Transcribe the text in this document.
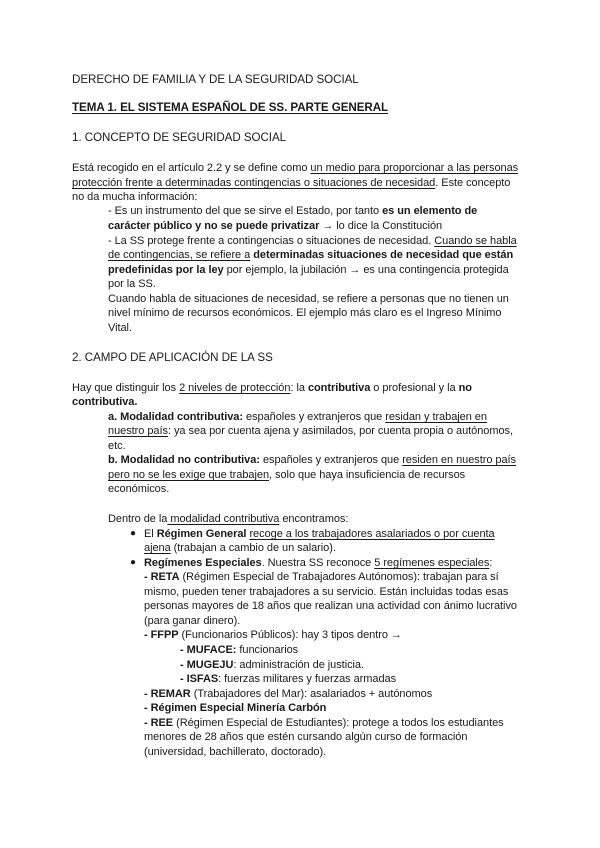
DERECHO DE FAMILIA Y DE LA SEGURIDAD SOCIAL
TEMA 1. EL SISTEMA ESPAÑOL DE SS. PARTE GENERAL
1. CONCEPTO DE SEGURIDAD SOCIAL
Está recogido en el artículo 2.2 y se define como un medio para proporcionar a las personas
protección frente a determinadas contingencias o situaciones de necesidad. Este concepto
no da mucha información:
- Es un instrumento del que se sirve el Estado, por tanto es un elemento de
carácter público y no se puede privatizar → lo dice la Constitución
- La SS protege frente a contingencias o situaciones de necesidad. Cuando se habla
de contingencias, se refiere a determinadas situaciones de necesidad que están
predefinidas por la ley por ejemplo, la jubilación → es una contingencia protegida
por la SS.
Cuando habla de situaciones de necesidad, se refiere a personas que no tienen un
nivel mínimo de recursos económicos. El ejemplo más claro es el Ingreso Mínimo
Vital.
2. CAMPO DE APLICACIÓN DE LA SS
Hay que distinguir los 2 niveles de protección: la contributiva o profesional y la no
contributiva.
a. Modalidad contributiva: españoles y extranjeros que residan y trabajen en
nuestro país: ya sea por cuenta ajena y asimilados, por cuenta propia o autónomos,
etc.
b. Modalidad no contributiva: españoles y extranjeros que residen en nuestro país
pero no se les exige que trabajen, solo que haya insuficiencia de recursos
económicos.
Dentro de la modalidad contributiva encontramos:
● El Régimen General recoge a los trabajadores asalariados o por cuenta
ajena (trabajan a cambio de un salario).
● Regímenes Especiales. Nuestra SS reconoce 5 regímenes especiales:
- RETA (Régimen Especial de Trabajadores Autónomos): trabajan para sí
mismo, pueden tener trabajadores a su servicio. Están incluidas todas esas
personas mayores de 18 años que realizan una actividad con ánimo lucrativo
(para ganar dinero).
- FFPP (Funcionarios Públicos): hay 3 tipos dentro →
- MUFACE: funcionarios
- MUGEJU: administración de justicia.
- ISFAS: fuerzas militares y fuerzas armadas
- REMAR (Trabajadores del Mar): asalariados + autónomos
- Régimen Especial Minería Carbón
- REE (Régimen Especial de Estudiantes): protege a todos los estudiantes
menores de 28 años que estén cursando algún curso de formación
(universidad, bachillerato, doctorado).
